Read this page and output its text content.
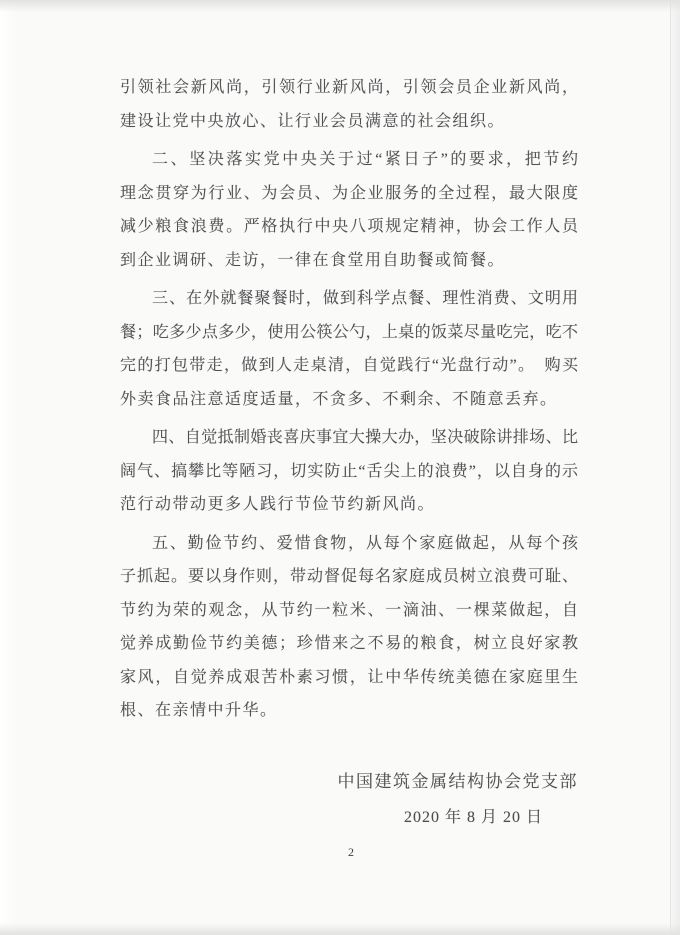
引领社会新风尚，引领行业新风尚，引领会员企业新风尚，
建设让党中央放心、让行业会员满意的社会组织。
二、坚决落实党中央关于过“紧日子”的要求，把节约
理念贯穿为行业、为会员、为企业服务的全过程，最大限度
减少粮食浪费。严格执行中央八项规定精神，协会工作人员
到企业调研、走访，一律在食堂用自助餐或简餐。
三、在外就餐聚餐时，做到科学点餐、理性消费、文明用
餐；吃多少点多少，使用公筷公勺，上桌的饭菜尽量吃完，吃不
完的打包带走，做到人走桌清，自觉践行“光盘行动”。　购买
外卖食品注意适度适量，不贪多、不剩余、不随意丢弃。
四、自觉抵制婚丧喜庆事宜大操大办，坚决破除讲排场、比
阔气、搞攀比等陋习，切实防止“舌尖上的浪费”，以自身的示
范行动带动更多人践行节俭节约新风尚。
五、勤俭节约、爱惜食物，从每个家庭做起，从每个孩
子抓起。要以身作则，带动督促每名家庭成员树立浪费可耻、
节约为荣的观念，从节约一粒米、一滴油、一棵菜做起，自
觉养成勤俭节约美德；珍惜来之不易的粮食，树立良好家教
家风，自觉养成艰苦朴素习惯，让中华传统美德在家庭里生
根、在亲情中升华。
中国建筑金属结构协会党支部
2020 年 8 月 20 日
2
